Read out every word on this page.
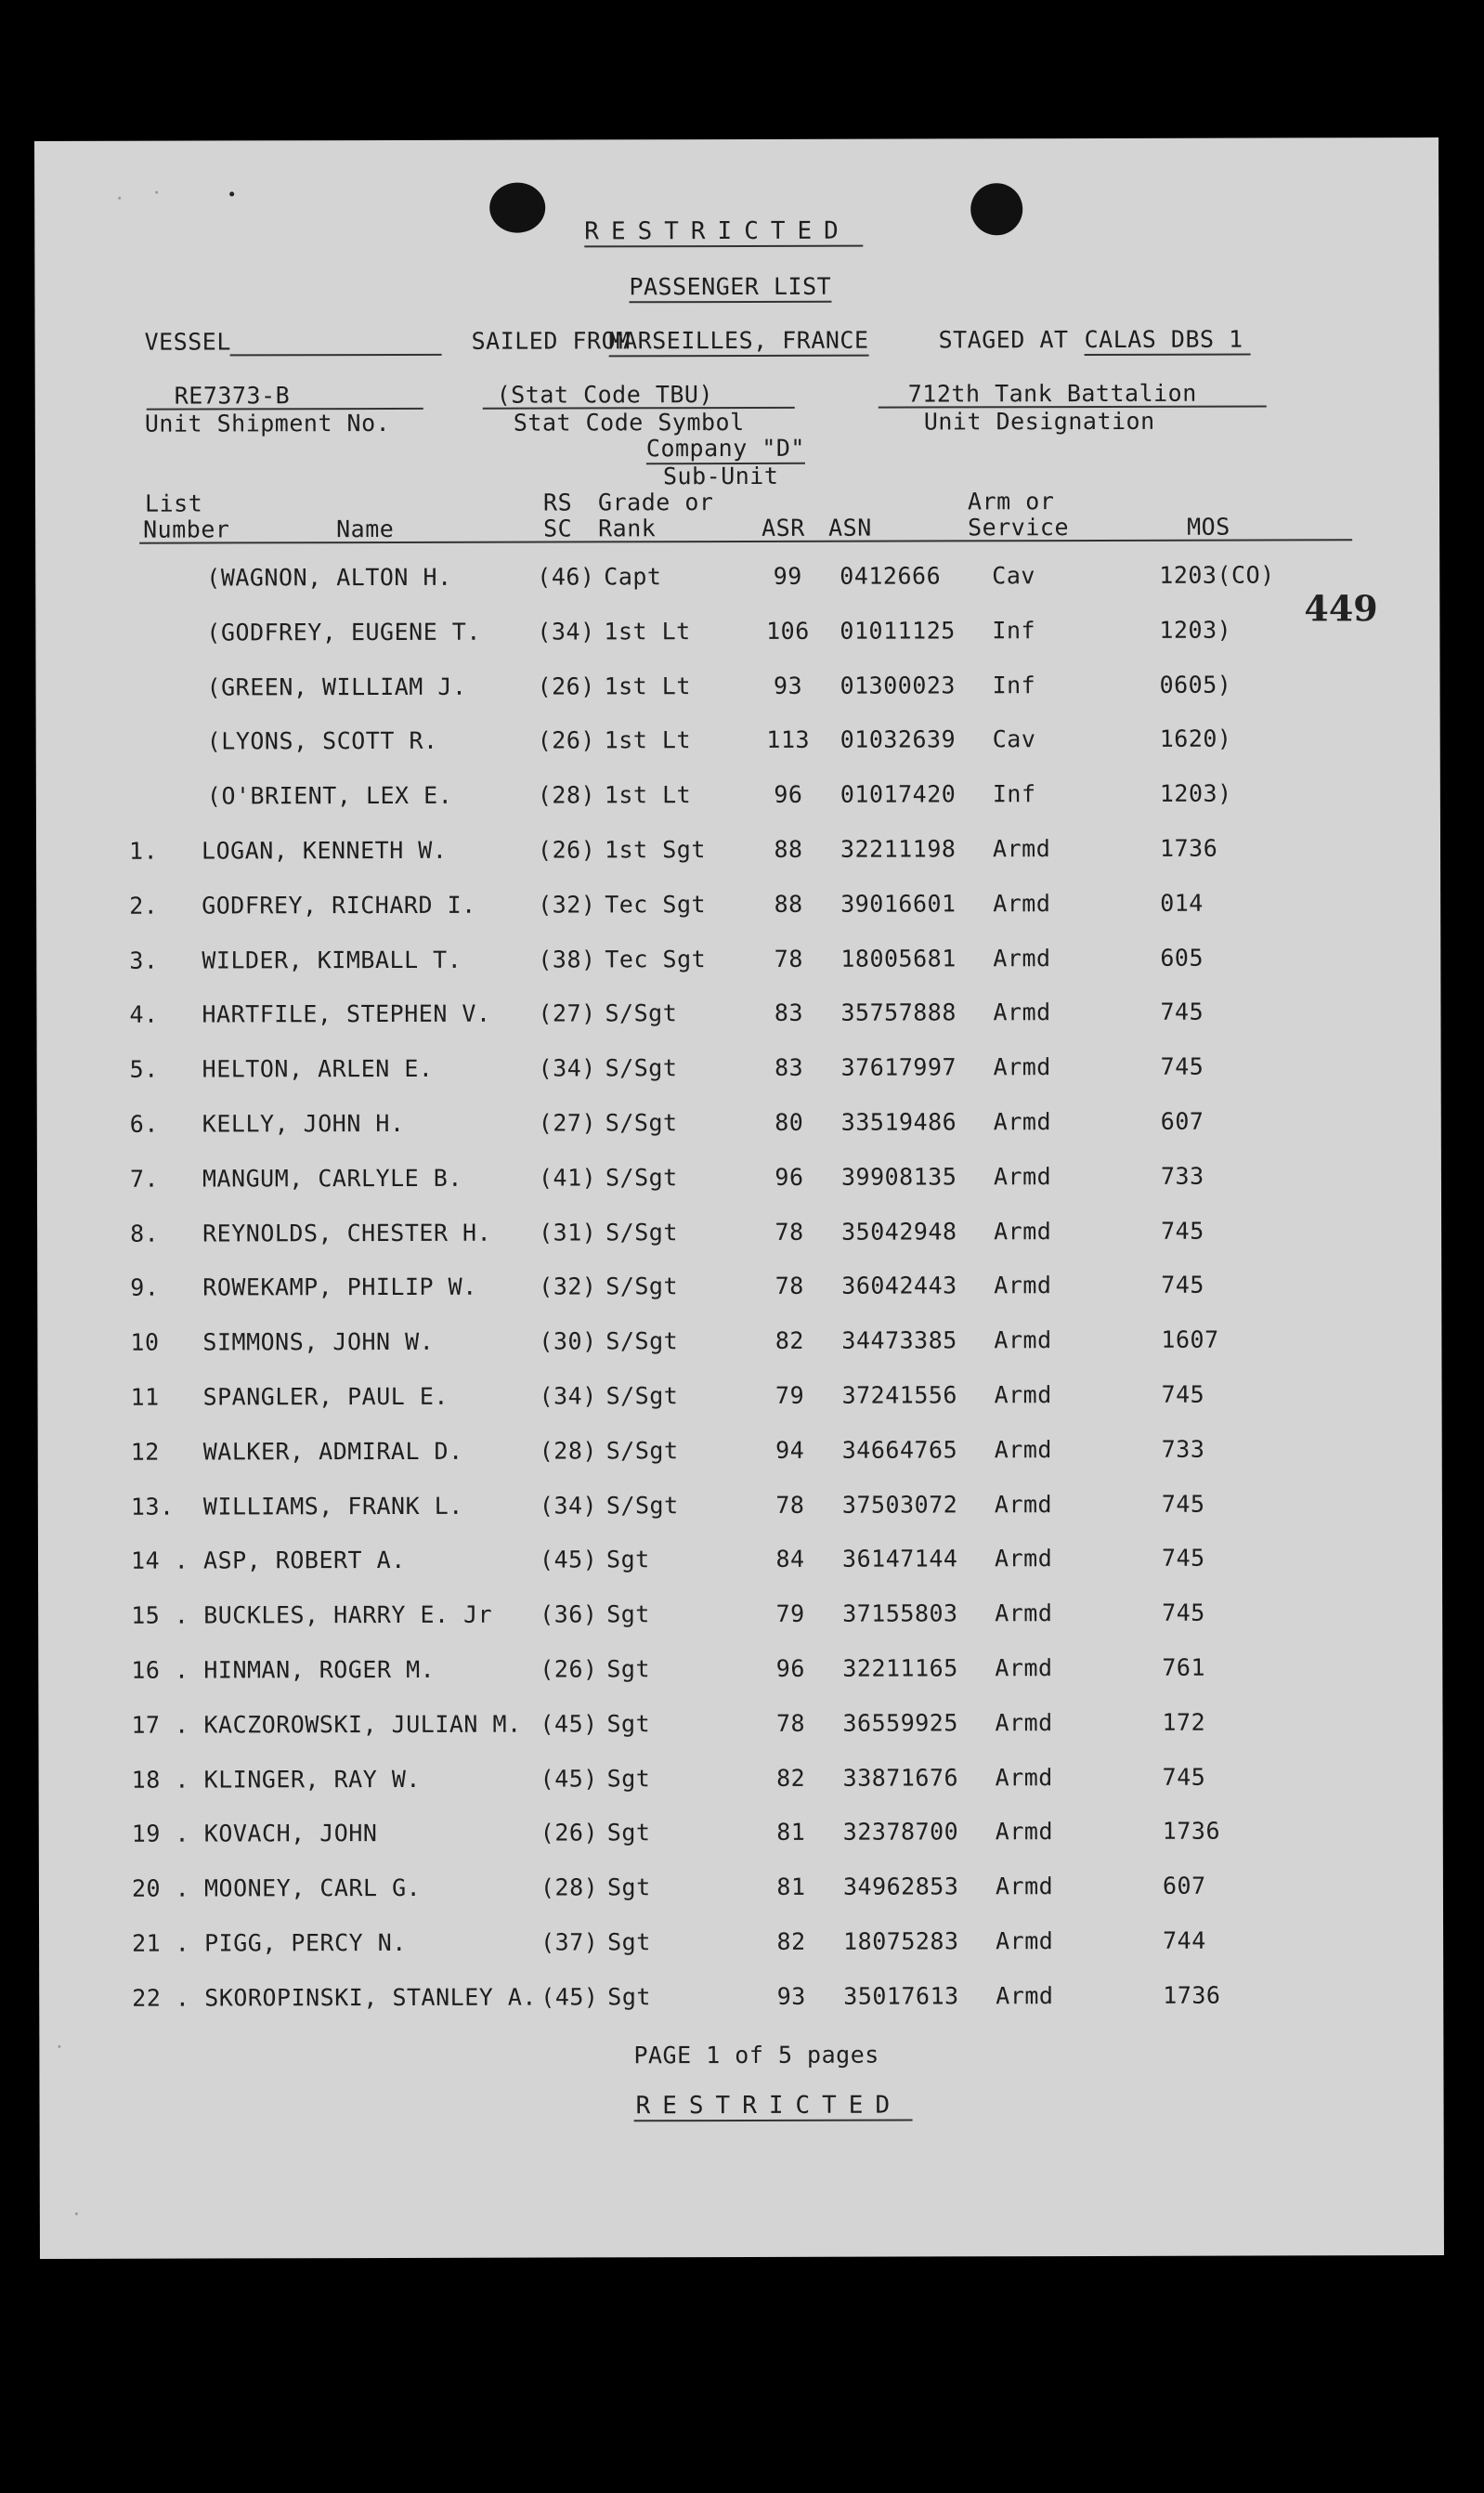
RESTRICTED
PASSENGER LIST
VESSEL	SAILED FROM
MARSEILLES, FRANCE	STAGED AT CALAS DBS 1
RE7373-B
Unit Shipment No.
(Stat Code TBU)
Stat Code Symbol
712th Tank Battalion
Unit Designation
Company "D"
Sub-Unit
449
List
Number	Name
RS
SC
Grade or
Rank	ASR ASN
Arm or
Service	MOS
(WAGNON, ALTON H.	(46) Capt	99	0412666 Cav	1203(CO)
(GODFREY, EUGENE T. (34) 1st Lt	106 01011125 Inf	1203)
(GREEN, WILLIAM J.	(26) 1st Lt	93	01300023 Inf	0605)
(LYONS, SCOTT R.	(26) 1st Lt	113 01032639 Cav	1620)
(O'BRIENT, LEX E.	(28) 1st Lt	96	01017420 Inf	1203)
1.	LOGAN, KENNETH W.	(26) 1st Sgt	88	32211198 Armd	1736
2.	GODFREY, RICHARD I.	(32) Tec Sgt	88	39016601 Armd	014
3.	WILDER, KIMBALL T.	(38) Tec Sgt	78	18005681 Armd	605
4.	HARTFILE, STEPHEN V. (27) S/Sgt	83	35757888 Armd	745
5.	HELTON, ARLEN E.	(34) S/Sgt	83	37617997 Armd	745
6.	KELLY, JOHN H.	(27) S/Sgt	80	33519486 Armd	607
7.	MANGUM, CARLYLE B.	(41) S/Sgt	96	39908135 Armd	733
8.	REYNOLDS, CHESTER H. (31) S/Sgt	78	35042948 Armd	745
9.	ROWEKAMP, PHILIP W.	(32) S/Sgt	78	36042443 Armd	745
10	SIMMONS, JOHN W.	(30) S/Sgt	82	34473385 Armd	1607
11	SPANGLER, PAUL E.	(34) S/Sgt	79	37241556 Armd	745
12	WALKER, ADMIRAL D.	(28) S/Sgt	94	34664765 Armd	733
13.	WILLIAMS, FRANK L.	(34) S/Sgt	78	37503072 Armd	745
14 . ASP, ROBERT A.	(45) Sgt	84	36147144 Armd	745
15 . BUCKLES, HARRY E. Jr (36) Sgt	79	37155803 Armd	745
16 . HINMAN, ROGER M.	(26) Sgt	96	32211165 Armd	761
17 . KACZOROWSKI, JULIAN M. (45) Sgt	78	36559925 Armd	172
18 . KLINGER, RAY W.	(45) Sgt	82	33871676 Armd	745
19 . KOVACH, JOHN	(26) Sgt	81	32378700 Armd	1736
20 . MOONEY, CARL G.	(28) Sgt	81	34962853 Armd	607
21 . PIGG, PERCY N.	(37) Sgt	82	18075283 Armd	744
22 . SKOROPINSKI, STANLEY A. (45) Sgt	93	35017613 Armd	1736
PAGE 1 of 5 pages
RESTRICTED
